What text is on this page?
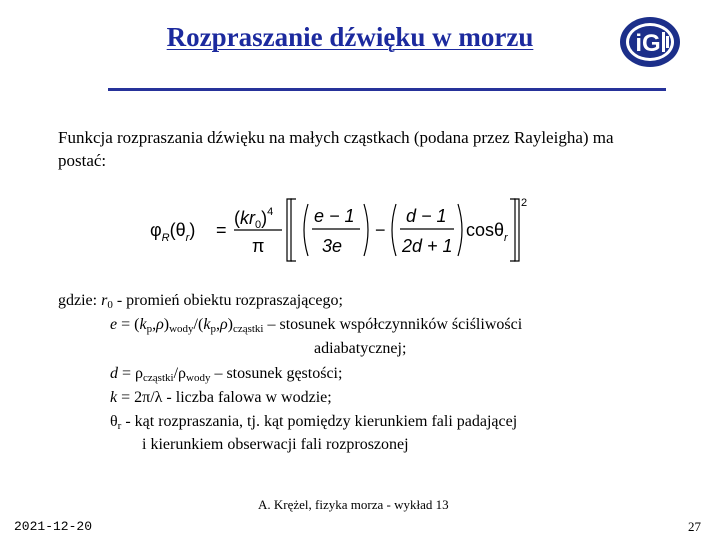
Rozpraszanie dźwięku w morzu	iG
Funkcja rozpraszania dźwięku na małych cząstkach (podana przez Rayleigha) ma postać:
$\varphi_R(\theta_r)$ =
$(kr_0)^4$
π
e − 1
3e
−
d − 1
2d + 1
cosθ$_r$
2
gdzie: $r_0$ - promień obiektu rozpraszającego;
$e = (k_p,\rho)_{wody}/(k_p,\rho)_{cząstki}$ – stosunek współczynników ściśliwości
adiabatycznej;
$d = \rho_{cząstki}/\rho_{wody}$ – stosunek gęstości;
k = 2π/λ - liczba falowa w wodzie;
$\theta_r$ - kąt rozpraszania, tj. kąt pomiędzy kierunkiem fali padającej
i kierunkiem obserwacji fali rozproszonej
A. Krężel, fizyka morza - wykład 13
2021-12-20	27
